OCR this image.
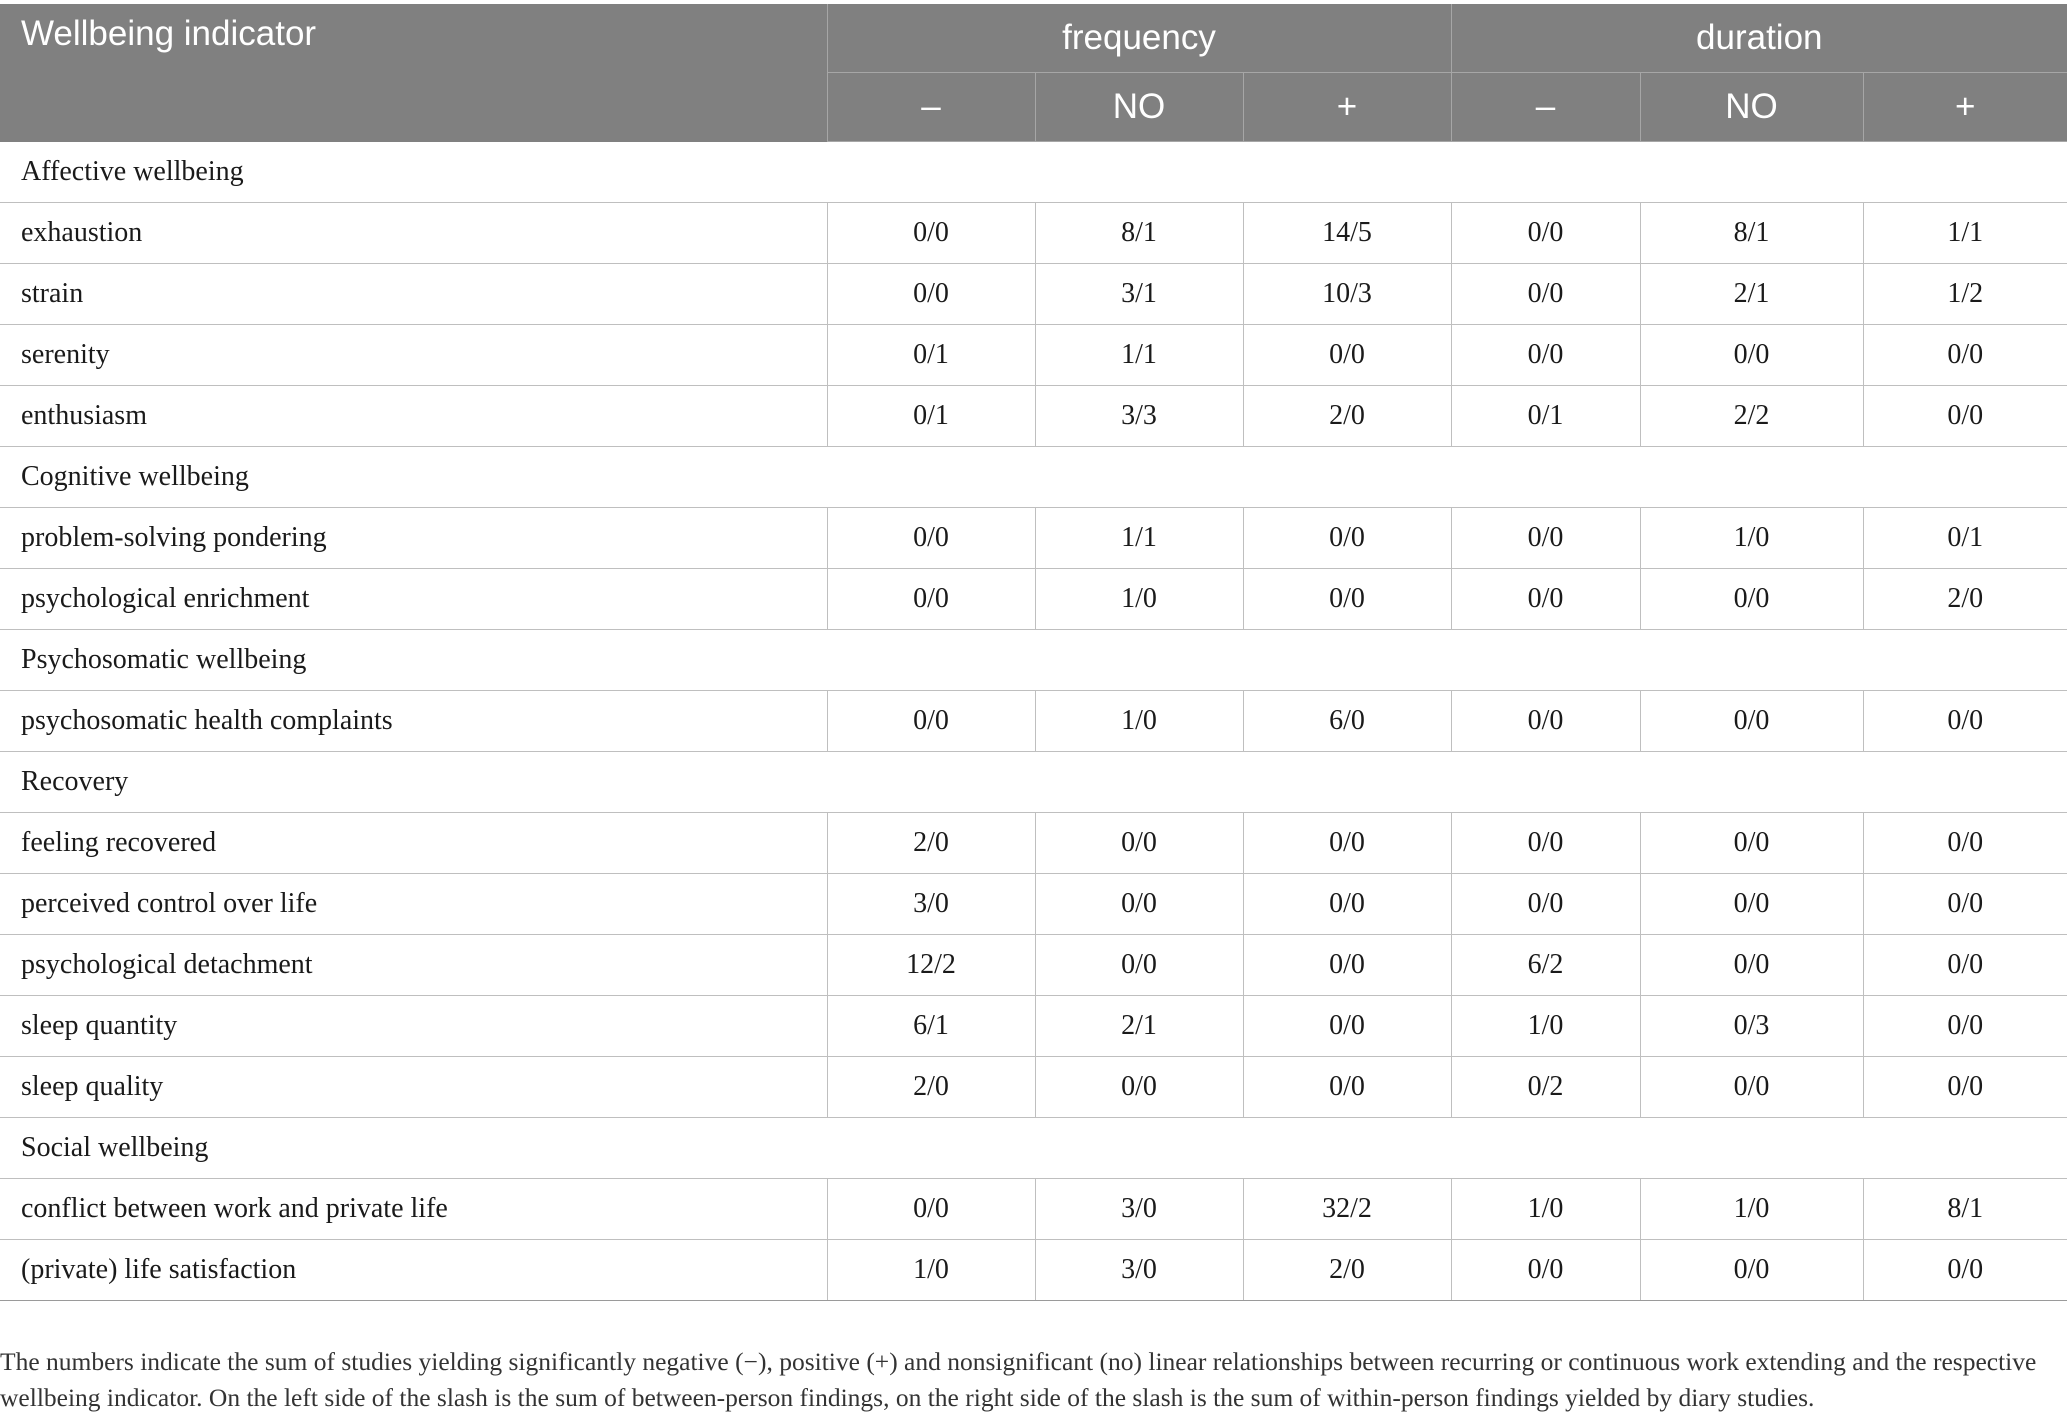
Wellbeing indicator	frequency			duration		
	–	NO	+	–	NO	+
Affective wellbeing						
exhaustion	0/0	8/1	14/5	0/0	8/1	1/1
strain	0/0	3/1	10/3	0/0	2/1	1/2
serenity	0/1	1/1	0/0	0/0	0/0	0/0
enthusiasm	0/1	3/3	2/0	0/1	2/2	0/0
Cognitive wellbeing						
problem-solving pondering	0/0	1/1	0/0	0/0	1/0	0/1
psychological enrichment	0/0	1/0	0/0	0/0	0/0	2/0
Psychosomatic wellbeing						
psychosomatic health complaints	0/0	1/0	6/0	0/0	0/0	0/0
Recovery						
feeling recovered	2/0	0/0	0/0	0/0	0/0	0/0
perceived control over life	3/0	0/0	0/0	0/0	0/0	0/0
psychological detachment	12/2	0/0	0/0	6/2	0/0	0/0
sleep quantity	6/1	2/1	0/0	1/0	0/3	0/0
sleep quality	2/0	0/0	0/0	0/2	0/0	0/0
Social wellbeing						
conflict between work and private life	0/0	3/0	32/2	1/0	1/0	8/1
(private) life satisfaction	1/0	3/0	2/0	0/0	0/0	0/0

The numbers indicate the sum of studies yielding significantly negative (−), positive (+) and nonsignificant (no) linear relationships between recurring or continuous work extending and the respective wellbeing indicator. On the left side of the slash is the sum of between-person findings, on the right side of the slash is the sum of within-person findings yielded by diary studies.
